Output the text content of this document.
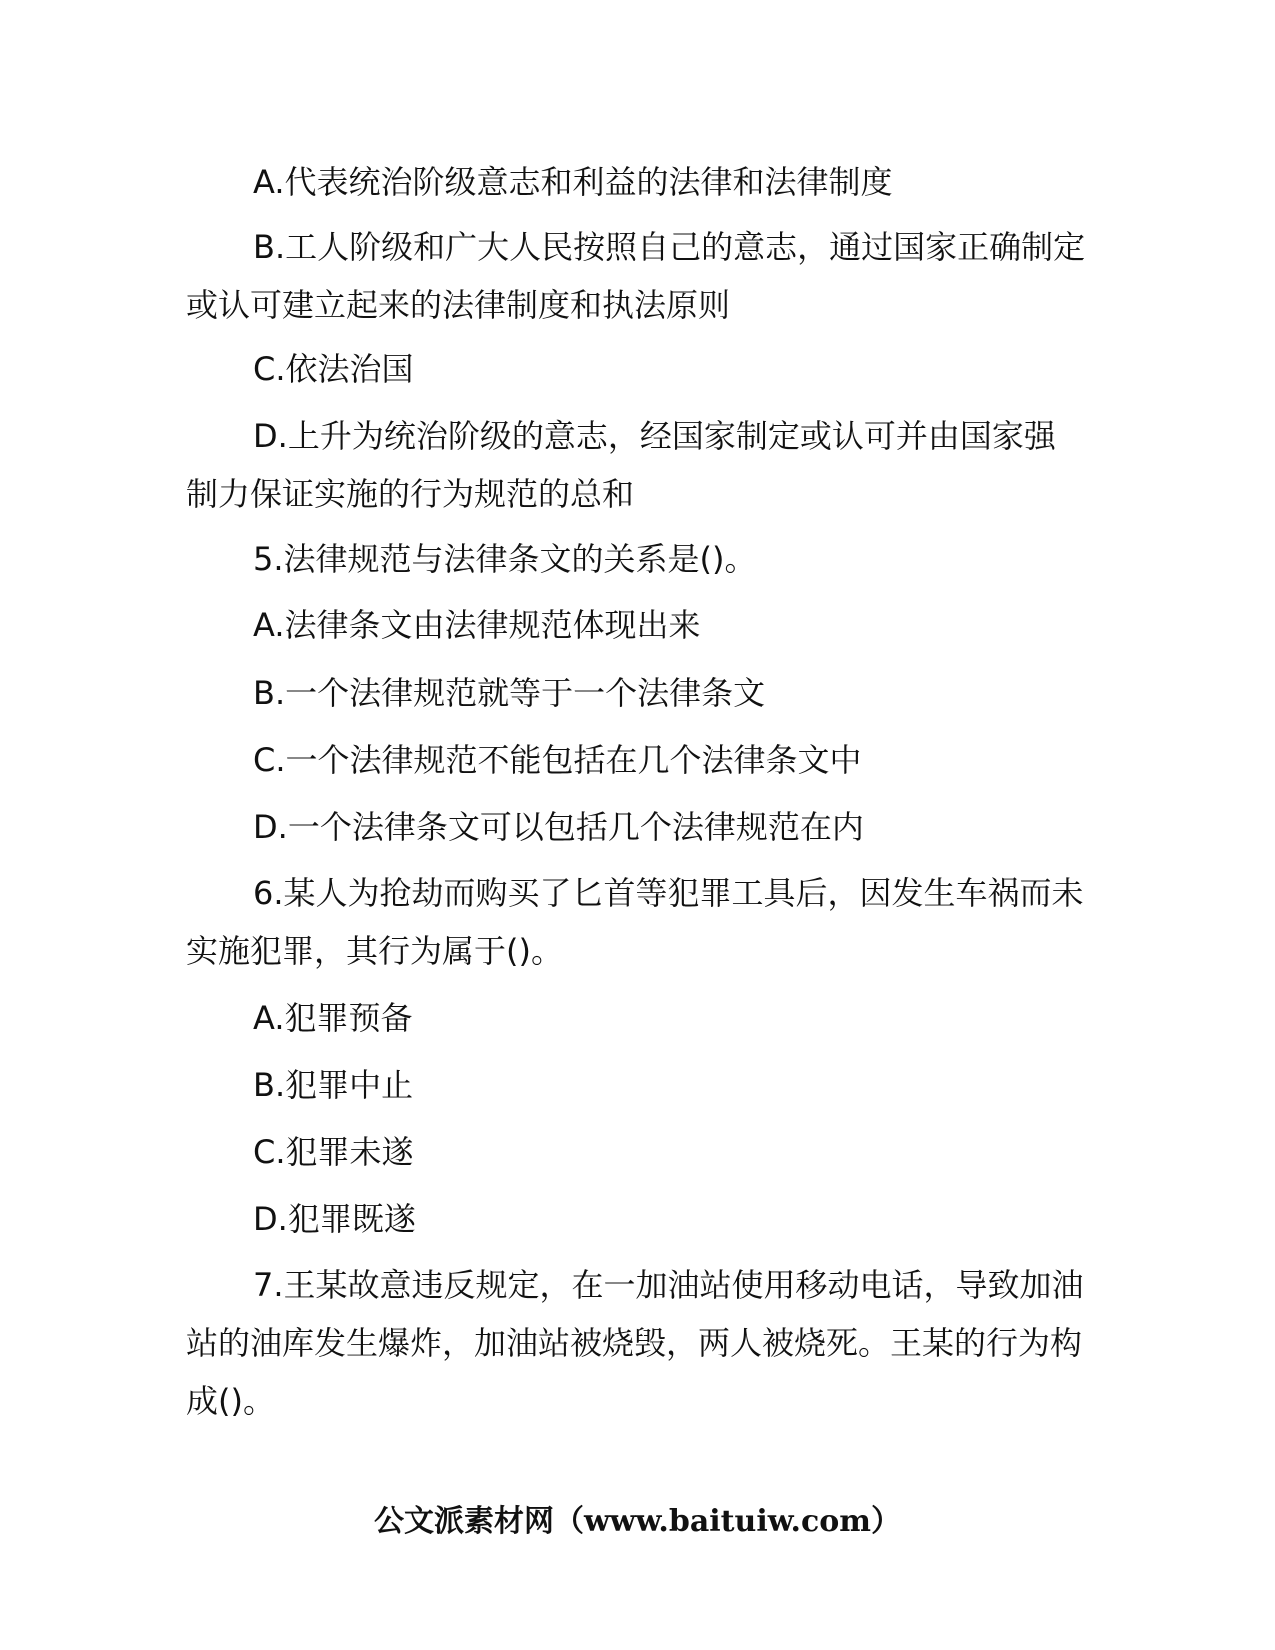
A.代表统治阶级意志和利益的法律和法律制度

B.工人阶级和广大人民按照自己的意志，通过国家正确制定或认可建立起来的法律制度和执法原则

C.依法治国

D.上升为统治阶级的意志，经国家制定或认可并由国家强制力保证实施的行为规范的总和

5.法律规范与法律条文的关系是()。

A.法律条文由法律规范体现出来

B.一个法律规范就等于一个法律条文

C.一个法律规范不能包括在几个法律条文中

D.一个法律条文可以包括几个法律规范在内

6.某人为抢劫而购买了匕首等犯罪工具后，因发生车祸而未实施犯罪，其行为属于()。

A.犯罪预备

B.犯罪中止

C.犯罪未遂

D.犯罪既遂

7.王某故意违反规定，在一加油站使用移动电话，导致加油站的油库发生爆炸，加油站被烧毁，两人被烧死。王某的行为构成()。

公文派素材网（www.baituiw.com）
